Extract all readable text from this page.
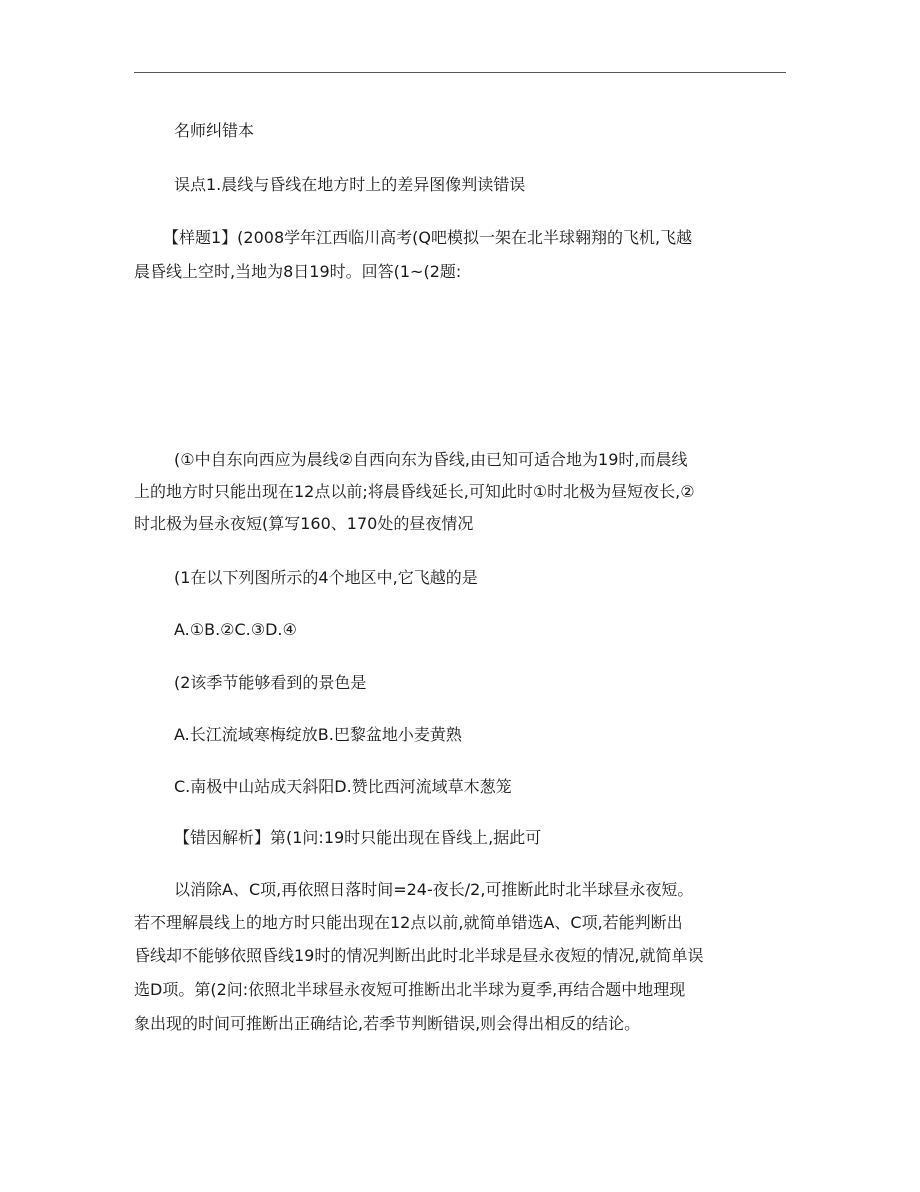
名师纠错本
误点1.晨线与昏线在地方时上的差异图像判读错误
【样题1】(2008学年江西临川高考(Q吧模拟一架在北半球翱翔的飞机,飞越
晨昏线上空时,当地为8日19时。回答(1~(2题:
(①中自东向西应为晨线②自西向东为昏线,由已知可适合地为19时,而晨线
上的地方时只能出现在12点以前;将晨昏线延长,可知此时①时北极为昼短夜长,②
时北极为昼永夜短(算写160、170处的昼夜情况
(1在以下列图所示的4个地区中,它飞越的是
A.①B.②C.③D.④
(2该季节能够看到的景色是
A.长江流域寒梅绽放B.巴黎盆地小麦黄熟
C.南极中山站成天斜阳D.赞比西河流域草木葱笼
【错因解析】第(1问:19时只能出现在昏线上,据此可
以消除A、C项,再依照日落时间=24-夜长/2,可推断此时北半球昼永夜短。
若不理解晨线上的地方时只能出现在12点以前,就简单错选A、C项,若能判断出
昏线却不能够依照昏线19时的情况判断出此时北半球是昼永夜短的情况,就简单误
选D项。第(2问:依照北半球昼永夜短可推断出北半球为夏季,再结合题中地理现
象出现的时间可推断出正确结论,若季节判断错误,则会得出相反的结论。
